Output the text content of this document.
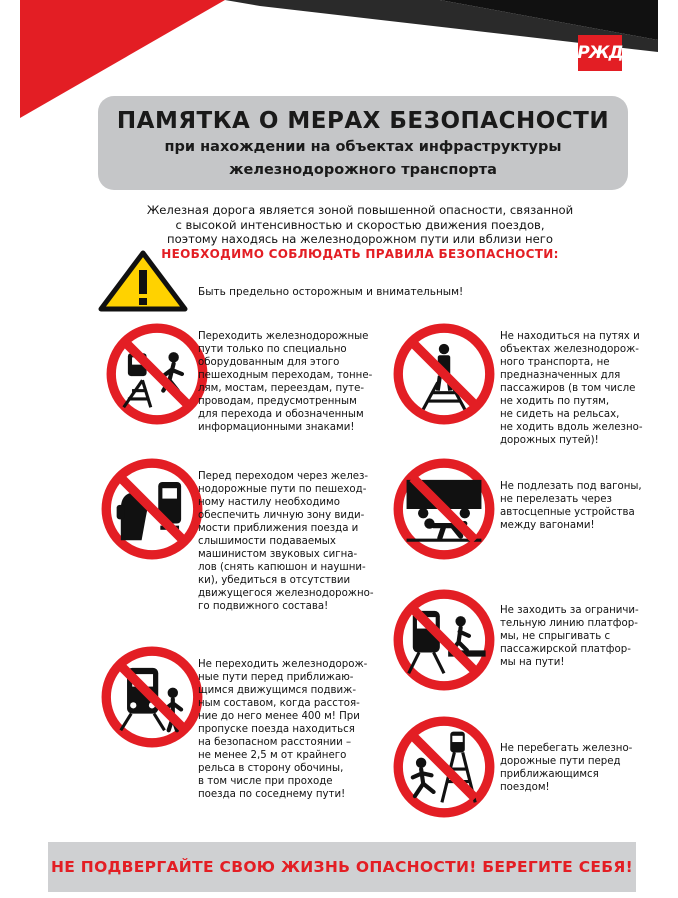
РЖД
ПАМЯТКА О МЕРАХ БЕЗОПАСНОСТИ
при нахождении на объектах инфраструктуры
железнодорожного транспорта
Железная дорога является зоной повышенной опасности, связанной
с высокой интенсивностью и скоростью движения поездов,
поэтому находясь на железнодорожном пути или вблизи него
НЕОБХОДИМО СОБЛЮДАТЬ ПРАВИЛА БЕЗОПАСНОСТИ:
Быть предельно осторожным и внимательным!
Переходить железнодорожные
пути только по специально
оборудованным для этого
пешеходным переходам, тонне-
лям, мостам, переездам, путе-
проводам, предусмотренным
для перехода и обозначенным
информационными знаками!
Перед переходом через желез-
нодорожные пути по пешеход-
ному настилу необходимо
обеспечить личную зону види-
мости приближения поезда и
слышимости подаваемых
машинистом звуковых сигна-
лов (снять капюшон и наушни-
ки), убедиться в отсутствии
движущегося железнодорожно-
го подвижного состава!
Не переходить железнодорож-
ные пути перед приближаю-
щимся движущимся подвиж-
ным составом, когда расстоя-
ние до него менее 400 м! При
пропуске поезда находиться
на безопасном расстоянии –
не менее 2,5 м от крайнего
рельса в сторону обочины,
в том числе при проходе
поезда по соседнему пути!
Не находиться на путях и
объектах железнодорож-
ного транспорта, не
предназначенных для
пассажиров (в том числе
не ходить по путям,
не сидеть на рельсах,
не ходить вдоль железно-
дорожных путей)!
Не подлезать под вагоны,
не перелезать через
автосцепные устройства
между вагонами!
Не заходить за ограничи-
тельную линию платфор-
мы, не спрыгивать с
пассажирской платфор-
мы на пути!
Не перебегать железно-
дорожные пути перед
приближающимся
поездом!
НЕ ПОДВЕРГАЙТЕ СВОЮ ЖИЗНЬ ОПАСНОСТИ! БЕРЕГИТЕ СЕБЯ!
